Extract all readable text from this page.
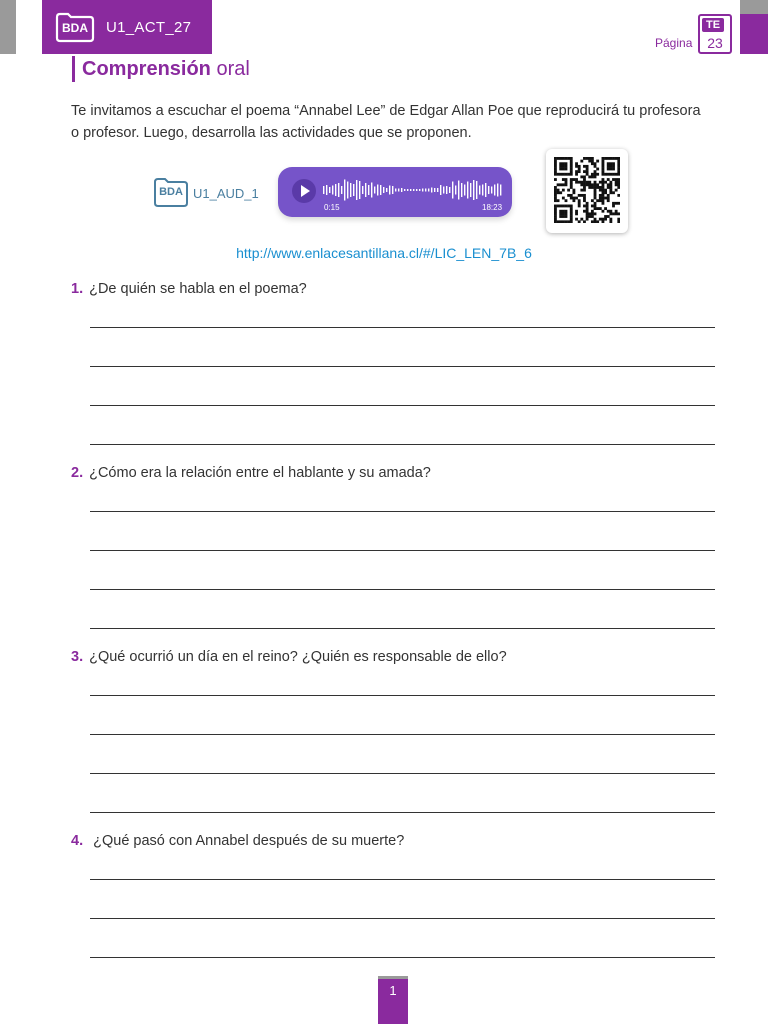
BDA U1_ACT_27
Página
TE
23
Comprensión oral

Te invitamos a escuchar el poema “Annabel Lee” de Edgar Allan Poe que reproducirá tu profesora o profesor. Luego, desarrolla las actividades que se proponen.

BDA U1_AUD_1
0:15	18:23
http://www.enlacesantillana.cl/#/LIC_LEN_7B_6
1. ¿De quién se habla en el poema?
2. ¿Cómo era la relación entre el hablante y su amada?
3. ¿Qué ocurrió un día en el reino? ¿Quién es responsable de ello?
4. ¿Qué pasó con Annabel después de su muerte?
1
